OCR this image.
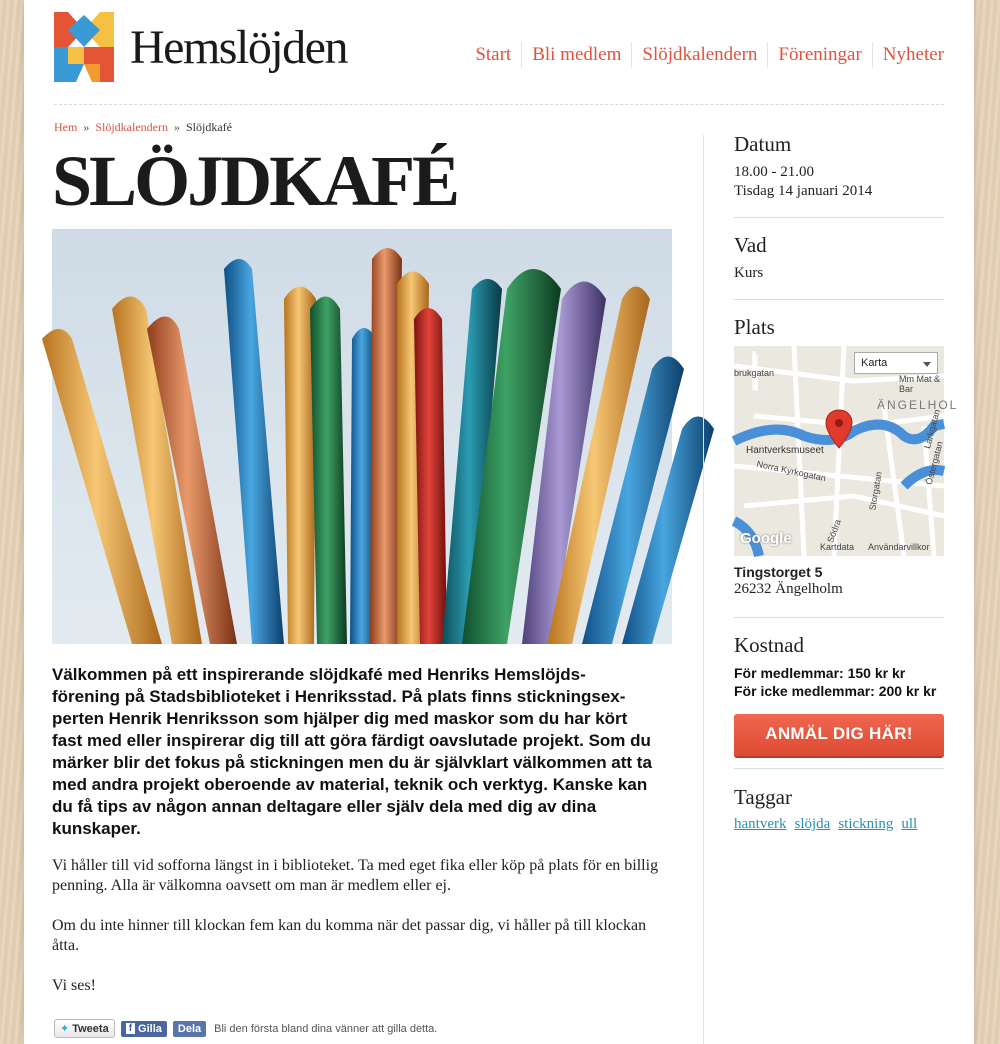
Hemslöjden	Start	Bli medlem	Slöjdkalendern	Föreningar	Nyheter
Hem » Slöjdkalendern » Slöjdkafé
SLÖJDKAFÉ

Välkommen på ett inspirerande slöjdkafé med Henriks Hemslöjds-förening på Stadsbiblioteket i Henriksstad. På plats finns stickningsex-perten Henrik Henriksson som hjälper dig med maskor som du har kört fast med eller inspirerar dig till att göra färdigt oavslutade projekt. Som du märker blir det fokus på stickningen men du är självklart välkommen att ta med andra projekt oberoende av material, teknik och verktyg. Kanske kan du få tips av någon annan deltagare eller själv dela med dig av dina kunskaper.

Vi håller till vid sofforna längst in i biblioteket. Ta med eget fika eller köp på plats för en billig penning. Alla är välkomna oavsett om man är medlem eller ej.

Om du inte hinner till klockan fem kan du komma när det passar dig, vi håller på till klockan åtta.

Vi ses!

✦ Tweeta	f Gilla	Dela	Bli den första bland dina vänner att gilla detta.
Datum
18.00 - 21.00
Tisdag 14 januari 2014
Vad
Kurs
Plats
Karta
brukgatan
Mm Mat & Bar
ÄNGELHOL
Hantverksmuseet
Norra Kyrkogatan	Storgatan
Östergatan
Lärkgatan
Södra
Google	Kartdata Användarvillkor
Tingstorget 5
26232 Ängelholm
Kostnad
För medlemmar: 150 kr kr
För icke medlemmar: 200 kr kr
ANMÄL DIG HÄR!
Taggar
hantverk slöjda stickning ull
